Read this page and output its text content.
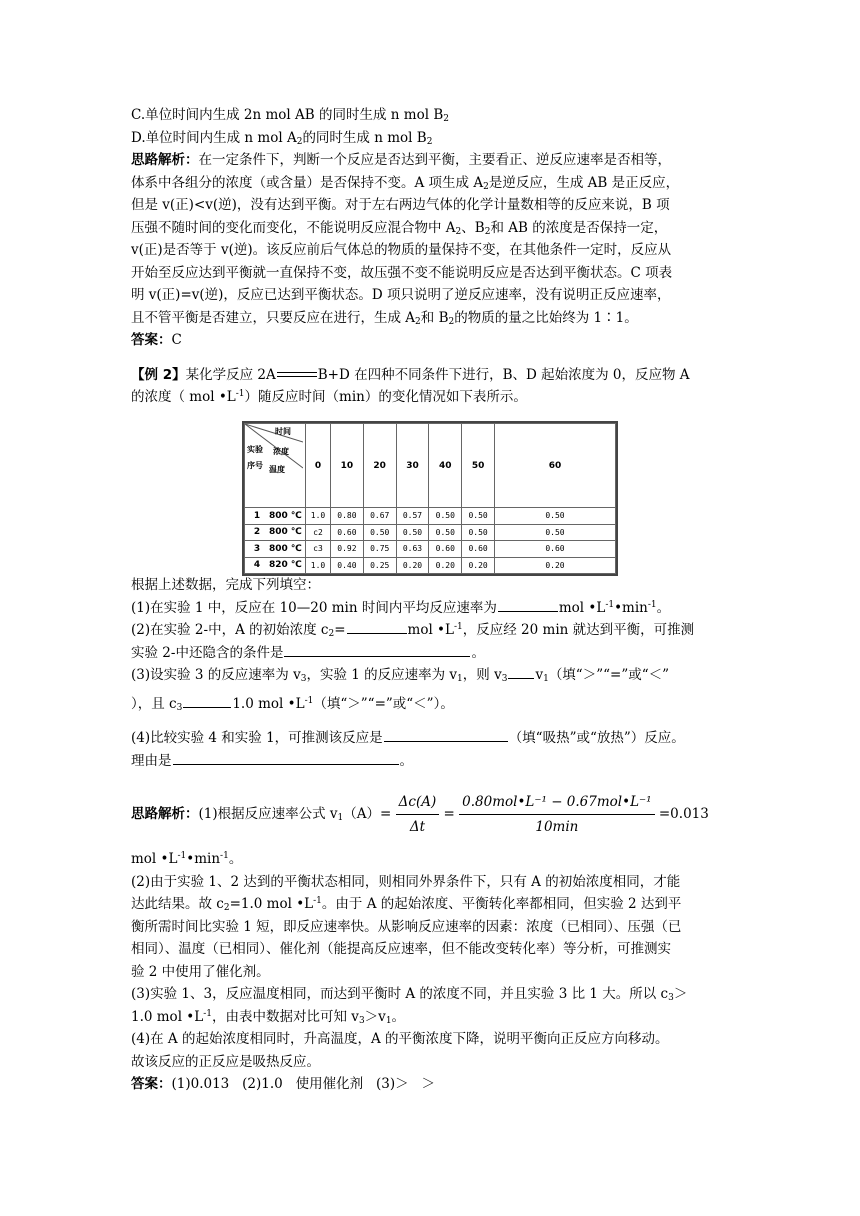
C.单位时间内生成 2n mol AB 的同时生成 n mol $B_2$
D.单位时间内生成 n mol $A_2$的同时生成 n mol $B_2$
思路解析：在一定条件下，判断一个反应是否达到平衡，主要看正、逆反应速率是否相等，
体系中各组分的浓度（或含量）是否保持不变。A 项生成 $A_2$是逆反应，生成 AB 是正反应，
但是 v(正)<v(逆)，没有达到平衡。对于左右两边气体的化学计量数相等的反应来说，B 项
压强不随时间的变化而变化，不能说明反应混合物中 $A_2$、$B_2$和 AB 的浓度是否保持一定，
v(正)是否等于 v(逆)。该反应前后气体总的物质的量保持不变，在其他条件一定时，反应从
开始至反应达到平衡就一直保持不变，故压强不变不能说明反应是否达到平衡状态。C 项表
明 v(正)=v(逆)，反应已达到平衡状态。D 项只说明了逆反应速率，没有说明正反应速率，
且不管平衡是否建立，只要反应在进行，生成 $A_2$和 $B_2$的物质的量之比始终为 1∶1。
答案：C
【例 2】某化学反应 2A	B+D 在四种不同条件下进行，B、D 起始浓度为 0，反应物 A
的浓度（ mol $•L^{-1}$）随反应时间（min）的变化情况如下表所示。
时间
浓度
实验
序号 温度	0	10	20	30	40	50	60
1 800 ℃	1.0	0.80	0.67	0.57	0.50	0.50	0.50
2 800 ℃	c2	0.60	0.50	0.50	0.50	0.50	0.50
3 800 ℃	c3	0.92	0.75	0.63	0.60	0.60	0.60
4 820 ℃	1.0	0.40	0.25	0.20	0.20	0.20	0.20
根据上述数据，完成下列填空：
(1)在实验 1 中，反应在 10—20 min 时间内平均反应速率为	mol $•L^{-1}•\min^{-1}$。
(2)在实验 2-中，A 的初始浓度 $c_2=$	mol $•L^{-1}$，反应经 20 min 就达到平衡，可推测
实验 2-中还隐含的条件是	。
(3)设实验 3 的反应速率为 $v_3$，实验 1 的反应速率为 $v_1$，则 $v_3$ $v_1$（填“＞”“=”或“＜”
），且 $c_3$	1.0 mol $•L^{-1}$（填“＞”“=”或“＜”）。
(4)比较实验 4 和实验 1，可推测该反应是	（填“吸热”或“放热”）反应。
理由是	。
思路解析：(1)根据反应速率公式 $v_1(A)= \frac{\Delta c(A)}{\Delta t} = \frac{\text{0.80mol•L⁻¹ − 0.67mol•L⁻¹}}{10\min} =0.013$
mol $•L^{-1}•\min^{-1}$。
(2)由于实验 1、2 达到的平衡状态相同，则相同外界条件下，只有 A 的初始浓度相同，才能
达此结果。故 $c_2=1.0$ mol $•L^{-1}$。由于 A 的起始浓度、平衡转化率都相同，但实验 2 达到平
衡所需时间比实验 1 短，即反应速率快。从影响反应速率的因素：浓度（已相同）、压强（已
相同）、温度（已相同）、催化剂（能提高反应速率，但不能改变转化率）等分析，可推测实
验 2 中使用了催化剂。
(3)实验 1、3，反应温度相同，而达到平衡时 A 的浓度不同，并且实验 3 比 1 大。所以 $c_3>$
1.0 mol $•L^{-1}$，由表中数据对比可知 $v_3>v_1$。
(4)在 A 的起始浓度相同时，升高温度，A 的平衡浓度下降，说明平衡向正反应方向移动。
故该反应的正反应是吸热反应。
答案：(1)0.013   (2)1.0   使用催化剂   (3)＞   ＞
